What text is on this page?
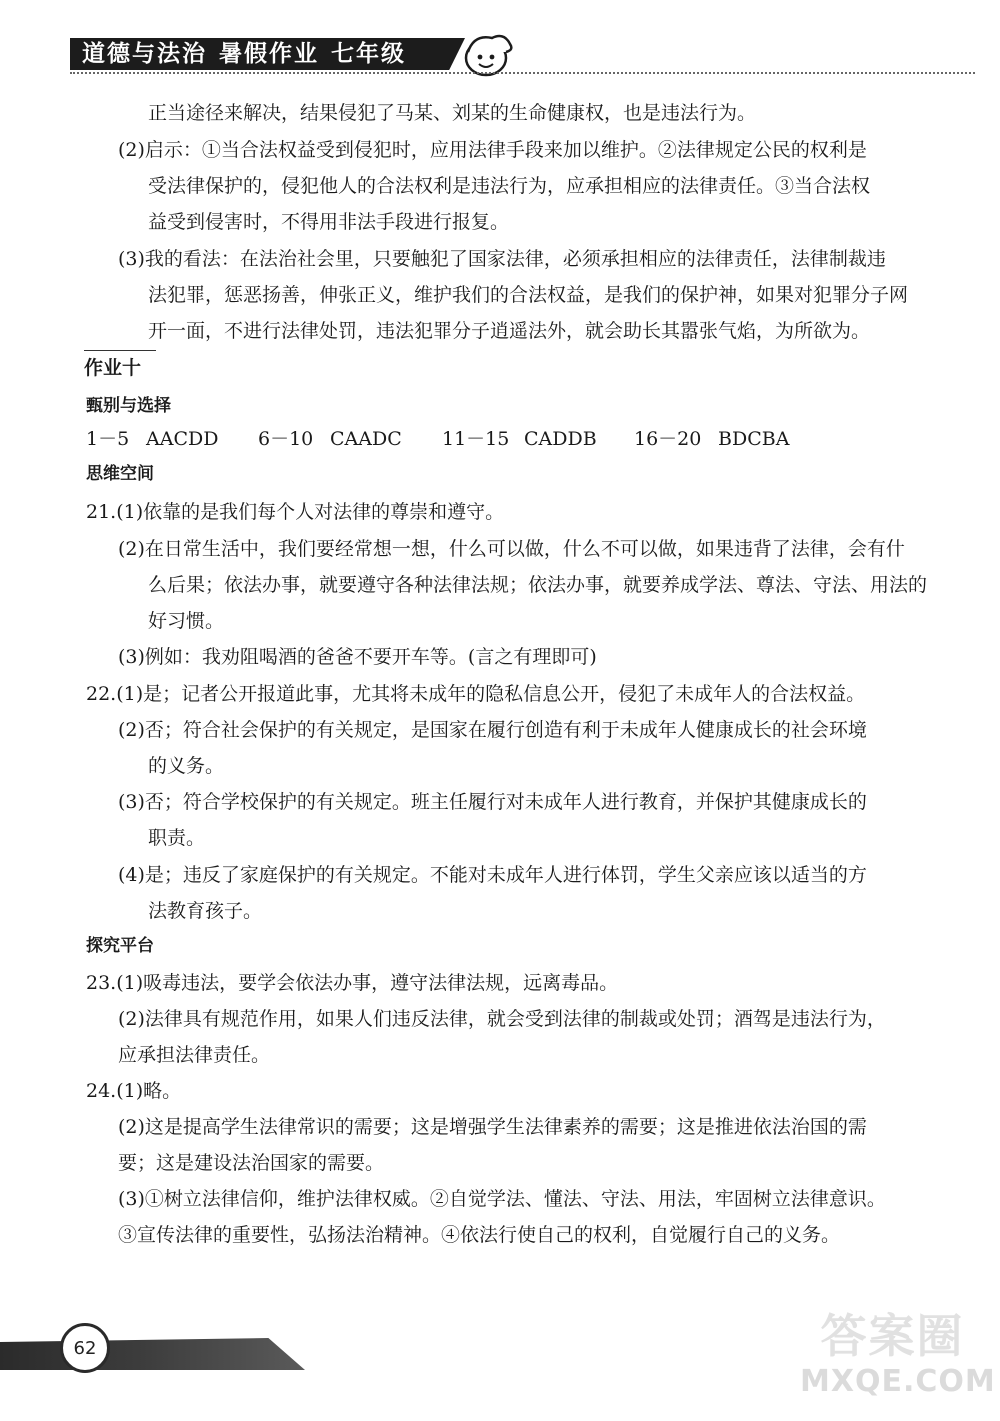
道德与法治 暑假作业 七年级
正当途径来解决，结果侵犯了马某、刘某的生命健康权，也是违法行为。
(2)启示：①当合法权益受到侵犯时，应用法律手段来加以维护。②法律规定公民的权利是
受法律保护的，侵犯他人的合法权利是违法行为，应承担相应的法律责任。③当合法权
益受到侵害时，不得用非法手段进行报复。
(3)我的看法：在法治社会里，只要触犯了国家法律，必须承担相应的法律责任，法律制裁违
法犯罪，惩恶扬善，伸张正义，维护我们的合法权益，是我们的保护神，如果对犯罪分子网
开一面，不进行法律处罚，违法犯罪分子逍遥法外，就会助长其嚣张气焰，为所欲为。
作业十
甄别与选择
1－5 AACDD 6－10 CAADC 11－15 CADDB 16－20 BDCBA
思维空间
21.(1)依靠的是我们每个人对法律的尊崇和遵守。
(2)在日常生活中，我们要经常想一想，什么可以做，什么不可以做，如果违背了法律，会有什
么后果；依法办事，就要遵守各种法律法规；依法办事，就要养成学法、尊法、守法、用法的
好习惯。
(3)例如：我劝阻喝酒的爸爸不要开车等。(言之有理即可)
22.(1)是；记者公开报道此事，尤其将未成年的隐私信息公开，侵犯了未成年人的合法权益。
(2)否；符合社会保护的有关规定，是国家在履行创造有利于未成年人健康成长的社会环境
的义务。
(3)否；符合学校保护的有关规定。班主任履行对未成年人进行教育，并保护其健康成长的
职责。
(4)是；违反了家庭保护的有关规定。不能对未成年人进行体罚，学生父亲应该以适当的方
法教育孩子。
探究平台
23.(1)吸毒违法，要学会依法办事，遵守法律法规，远离毒品。
(2)法律具有规范作用，如果人们违反法律，就会受到法律的制裁或处罚；酒驾是违法行为，
应承担法律责任。
24.(1)略。
(2)这是提高学生法律常识的需要；这是增强学生法律素养的需要；这是推进依法治国的需
要；这是建设法治国家的需要。
(3)①树立法律信仰，维护法律权威。②自觉学法、懂法、守法、用法，牢固树立法律意识。
③宣传法律的重要性，弘扬法治精神。④依法行使自己的权利，自觉履行自己的义务。
62	答案圈
MXQE.COM
